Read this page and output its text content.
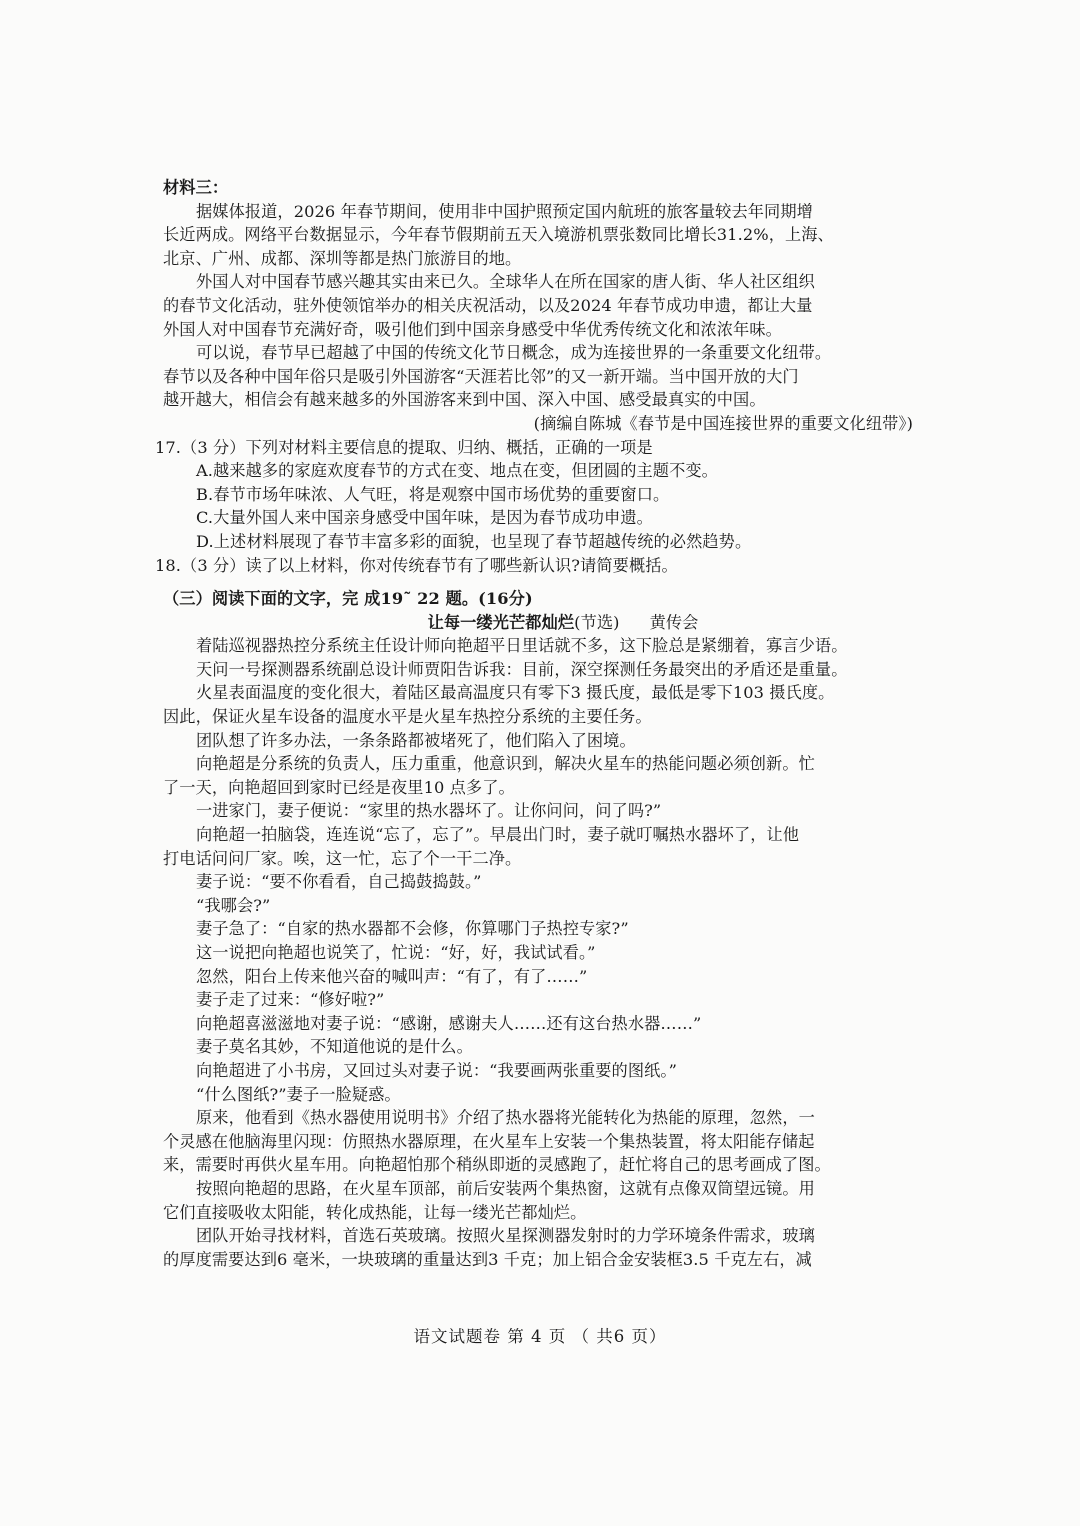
材料三：
据媒体报道，2026 年春节期间，使用非中国护照预定国内航班的旅客量较去年同期增
长近两成。网络平台数据显示，今年春节假期前五天入境游机票张数同比增长31.2%，上海、
北京、广州、成都、深圳等都是热门旅游目的地。
外国人对中国春节感兴趣其实由来已久。全球华人在所在国家的唐人街、华人社区组织
的春节文化活动，驻外使领馆举办的相关庆祝活动，以及2024 年春节成功申遗，都让大量
外国人对中国春节充满好奇，吸引他们到中国亲身感受中华优秀传统文化和浓浓年味。
可以说，春节早已超越了中国的传统文化节日概念，成为连接世界的一条重要文化纽带。
春节以及各种中国年俗只是吸引外国游客“天涯若比邻”的又一新开端。当中国开放的大门
越开越大，相信会有越来越多的外国游客来到中国、深入中国、感受最真实的中国。
(摘编自陈城《春节是中国连接世界的重要文化纽带》)
17.（3 分）下列对材料主要信息的提取、归纳、概括，正确的一项是
A.越来越多的家庭欢度春节的方式在变、地点在变，但团圆的主题不变。
B.春节市场年味浓、人气旺，将是观察中国市场优势的重要窗口。
C.大量外国人来中国亲身感受中国年味，是因为春节成功申遗。
D.上述材料展现了春节丰富多彩的面貌，也呈现了春节超越传统的必然趋势。
18.（3 分）读了以上材料，你对传统春节有了哪些新认识?请简要概括。
（三）阅读下面的文字，完 成19˜ 22 题。(16分)
让每一缕光芒都灿烂(节选) 黄传会
着陆巡视器热控分系统主任设计师向艳超平日里话就不多，这下脸总是紧绷着，寡言少语。
天问一号探测器系统副总设计师贾阳告诉我：目前，深空探测任务最突出的矛盾还是重量。
火星表面温度的变化很大，着陆区最高温度只有零下3 摄氏度，最低是零下103 摄氏度。
因此，保证火星车设备的温度水平是火星车热控分系统的主要任务。
团队想了许多办法，一条条路都被堵死了，他们陷入了困境。
向艳超是分系统的负责人，压力重重，他意识到，解决火星车的热能问题必须创新。忙
了一天，向艳超回到家时已经是夜里10 点多了。
一进家门，妻子便说：“家里的热水器坏了。让你问问，问了吗?”
向艳超一拍脑袋，连连说“忘了，忘了”。早晨出门时，妻子就叮嘱热水器坏了，让他
打电话问问厂家。唉，这一忙，忘了个一干二净。
妻子说：“要不你看看，自己捣鼓捣鼓。”
“我哪会?”
妻子急了：“自家的热水器都不会修，你算哪门子热控专家?”
这一说把向艳超也说笑了，忙说：“好，好，我试试看。”
忽然，阳台上传来他兴奋的喊叫声：“有了，有了……”
妻子走了过来：“修好啦?”
向艳超喜滋滋地对妻子说：“感谢，感谢夫人……还有这台热水器……”
妻子莫名其妙，不知道他说的是什么。
向艳超进了小书房，又回过头对妻子说：“我要画两张重要的图纸。”
“什么图纸?”妻子一脸疑惑。
原来，他看到《热水器使用说明书》介绍了热水器将光能转化为热能的原理，忽然，一
个灵感在他脑海里闪现：仿照热水器原理，在火星车上安装一个集热装置，将太阳能存储起
来，需要时再供火星车用。向艳超怕那个稍纵即逝的灵感跑了，赶忙将自己的思考画成了图。
按照向艳超的思路，在火星车顶部，前后安装两个集热窗，这就有点像双筒望远镜。用
它们直接吸收太阳能，转化成热能，让每一缕光芒都灿烂。
团队开始寻找材料，首选石英玻璃。按照火星探测器发射时的力学环境条件需求，玻璃
的厚度需要达到6 毫米，一块玻璃的重量达到3 千克；加上铝合金安装框3.5 千克左右，减
语文试题卷 第 4 页 （ 共6 页）
